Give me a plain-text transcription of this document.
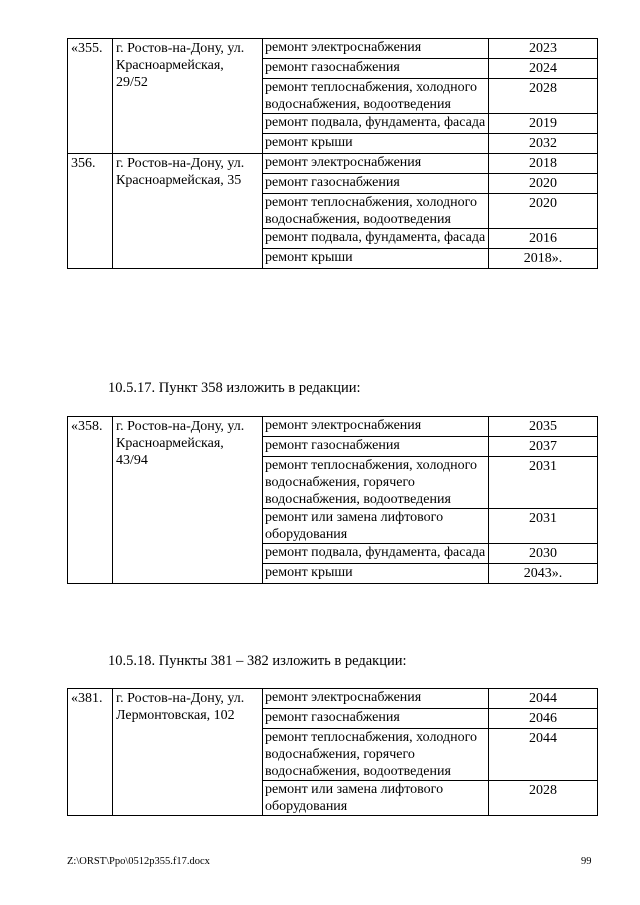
«355.	г. Ростов-на-Дону, ул. Красноармейская, 29/52	ремонт электроснабжения	2023
		ремонт газоснабжения	2024
		ремонт теплоснабжения, холодного водоснабжения, водоотведения	2028
		ремонт подвала, фундамента, фасада	2019
		ремонт крыши	2032
356.	г. Ростов-на-Дону, ул. Красноармейская, 35	ремонт электроснабжения	2018
		ремонт газоснабжения	2020
		ремонт теплоснабжения, холодного водоснабжения, водоотведения	2020
		ремонт подвала, фундамента, фасада	2016
		ремонт крыши	2018».
10.5.17. Пункт 358 изложить в редакции:
«358.	г. Ростов-на-Дону, ул. Красноармейская, 43/94	ремонт электроснабжения	2035
		ремонт газоснабжения	2037
		ремонт теплоснабжения, холодного водоснабжения, горячего водоснабжения, водоотведения	2031
		ремонт или замена лифтового оборудования	2031
		ремонт подвала, фундамента, фасада	2030
		ремонт крыши	2043».
10.5.18. Пункты 381 – 382 изложить в редакции:
«381.	г. Ростов-на-Дону, ул. Лермонтовская, 102	ремонт электроснабжения	2044
		ремонт газоснабжения	2046
		ремонт теплоснабжения, холодного водоснабжения, горячего водоснабжения, водоотведения	2044
		ремонт или замена лифтового оборудования	2028
Z:\ORST\Ppo\0512p355.f17.docx	99
